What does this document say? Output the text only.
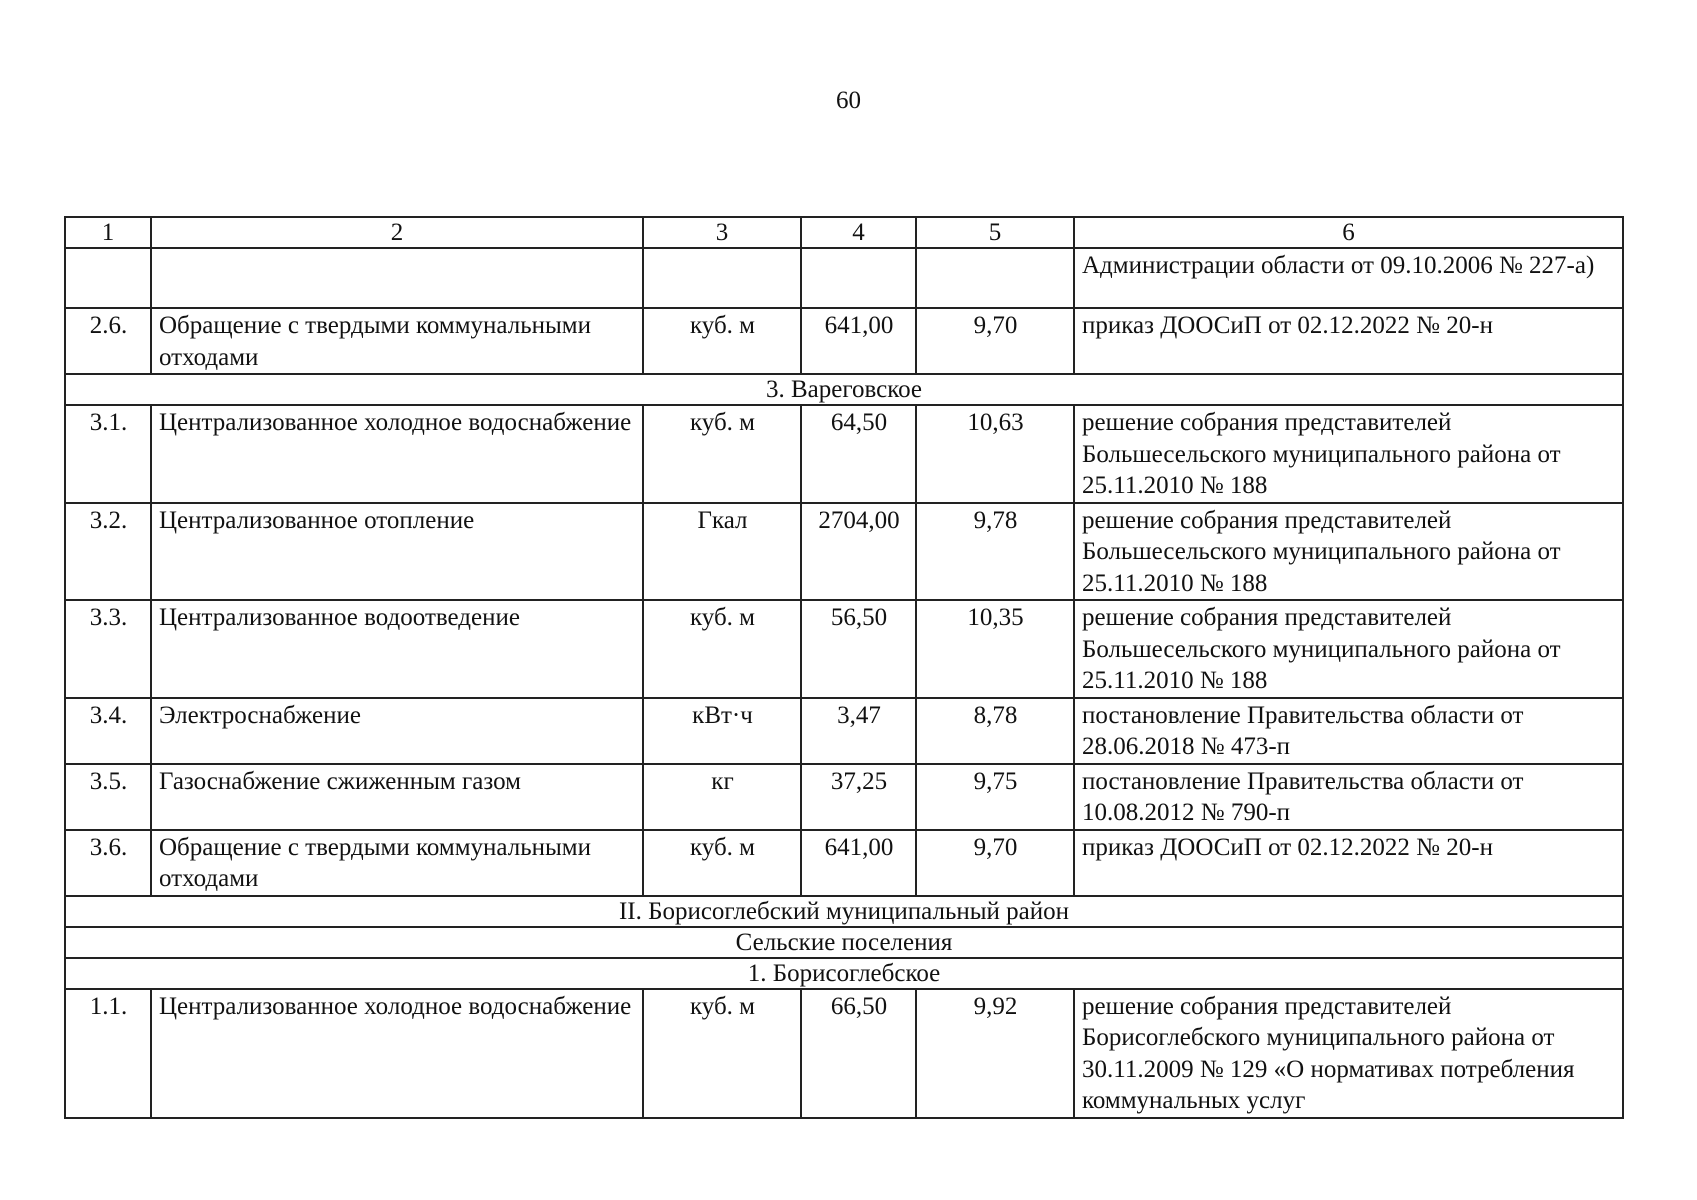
60
1	2	3	4	5	6
					Администрации области от 09.10.2006 № 227-а)
2.6.	Обращение с твердыми коммунальными отходами	куб. м	641,00	9,70	приказ ДООСиП от 02.12.2022 № 20-н
3. Вареговское					
3.1.	Централизованное холодное водоснабжение	куб. м	64,50	10,63	решение собрания представителей Большесельского муниципального района от 25.11.2010 № 188
3.2.	Централизованное отопление	Гкал	2704,00	9,78	решение собрания представителей Большесельского муниципального района от 25.11.2010 № 188
3.3.	Централизованное водоотведение	куб. м	56,50	10,35	решение собрания представителей Большесельского муниципального района от 25.11.2010 № 188
3.4.	Электроснабжение	кВт·ч	3,47	8,78	постановление Правительства области от 28.06.2018 № 473-п
3.5.	Газоснабжение сжиженным газом	кг	37,25	9,75	постановление Правительства области от 10.08.2012 № 790-п
3.6.	Обращение с твердыми коммунальными отходами	куб. м	641,00	9,70	приказ ДООСиП от 02.12.2022 № 20-н
II. Борисоглебский муниципальный район					
Сельские поселения					
1. Борисоглебское					
1.1.	Централизованное холодное водоснабжение	куб. м	66,50	9,92	решение собрания представителей Борисоглебского муниципального района от 30.11.2009 № 129 «О нормативах потребления коммунальных услуг
